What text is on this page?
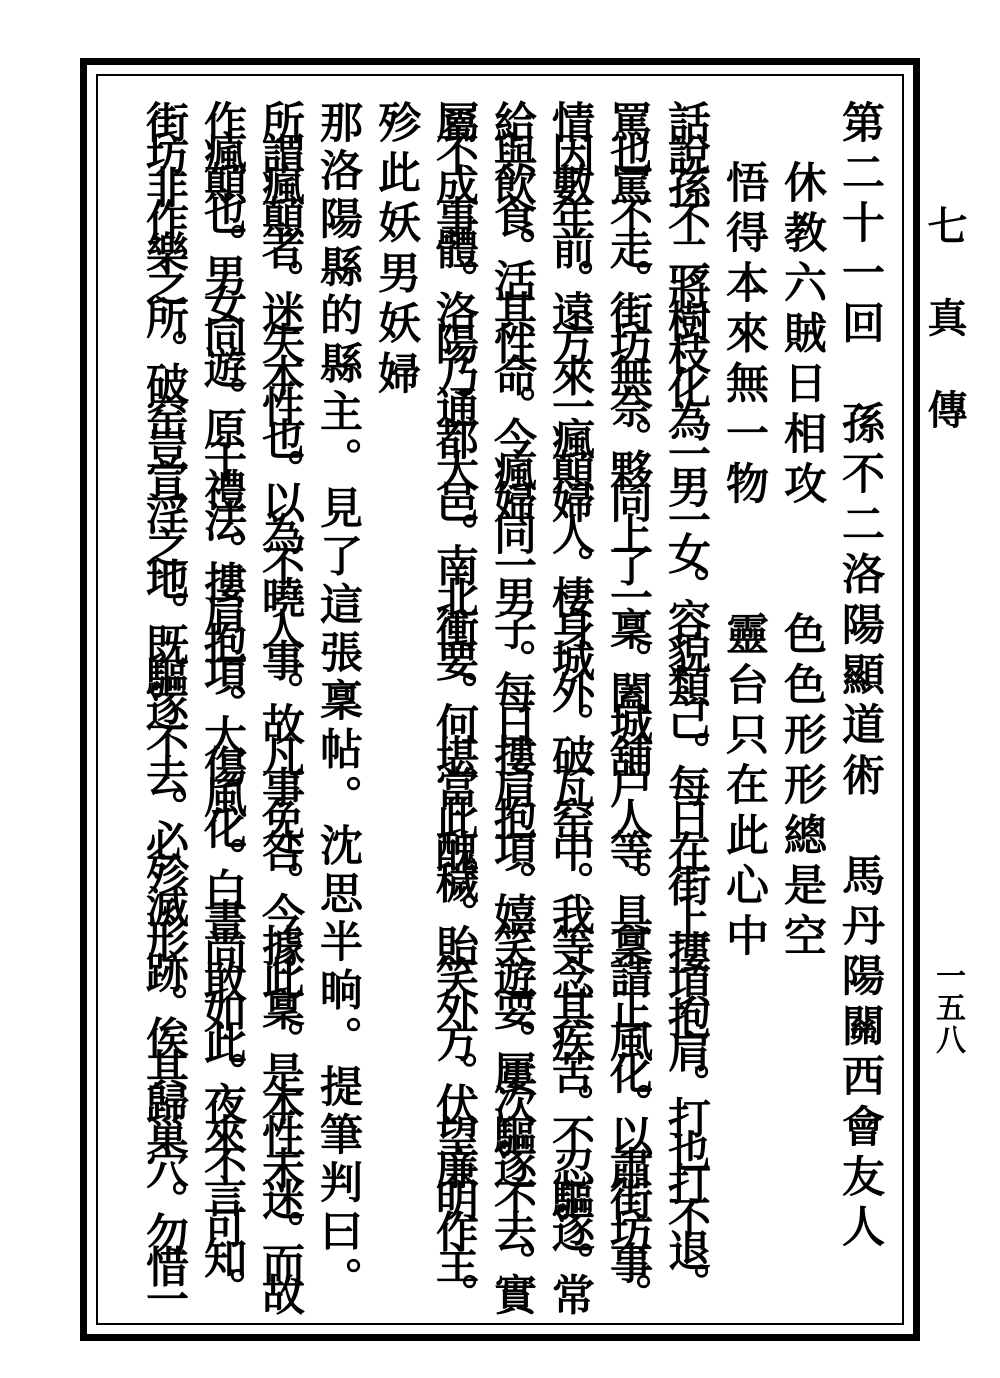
七真傳
一五八
第二十一回　孫不二洛陽顯道術　馬丹陽關西會友人
休教六賊日相攻　　色色形形總是空
悟得本來無一物　　靈台只在此心中
話說孫不二將樹枝化為一男一女。容貌類己。每日在街上摟項抱肩。打也打不退。
罵也罵不走。街坊無奈。夥同上了一稟。闔城舖户人等。具稟請正風化。以肅街坊事。
情因數年前。遠方來一瘋顛婦人。棲身城外。破瓦窑中。我等念其疾苦。不忍驅逐。常
給與飲食。活其性命。今瘋婦同一男子。每日摟肩抱項。嬉笑遊耍。屢次驅逐不去。實
屬不成事體。洛陽乃通都大邑。南北衝要。何堪當此醜穢。貽笑外方。伏望廉明作主。
殄此妖男妖婦
那洛陽縣的縣主。見了這張稟帖。沈思半晌。提筆判曰。
所謂瘋顛者。迷失本性也。以為不曉人事。故凡事免咎。今據此稟。是本性未迷。而故
作瘋顛也。男女同遊。原干禮法。摟肩抱項。大傷風化。白晝尚敢如此。夜來不言可知。
街坊非作樂之所。破窑豈宣淫之地。既驅逐不去。必殄滅形跡。俟其歸巢穴。勿惜一
